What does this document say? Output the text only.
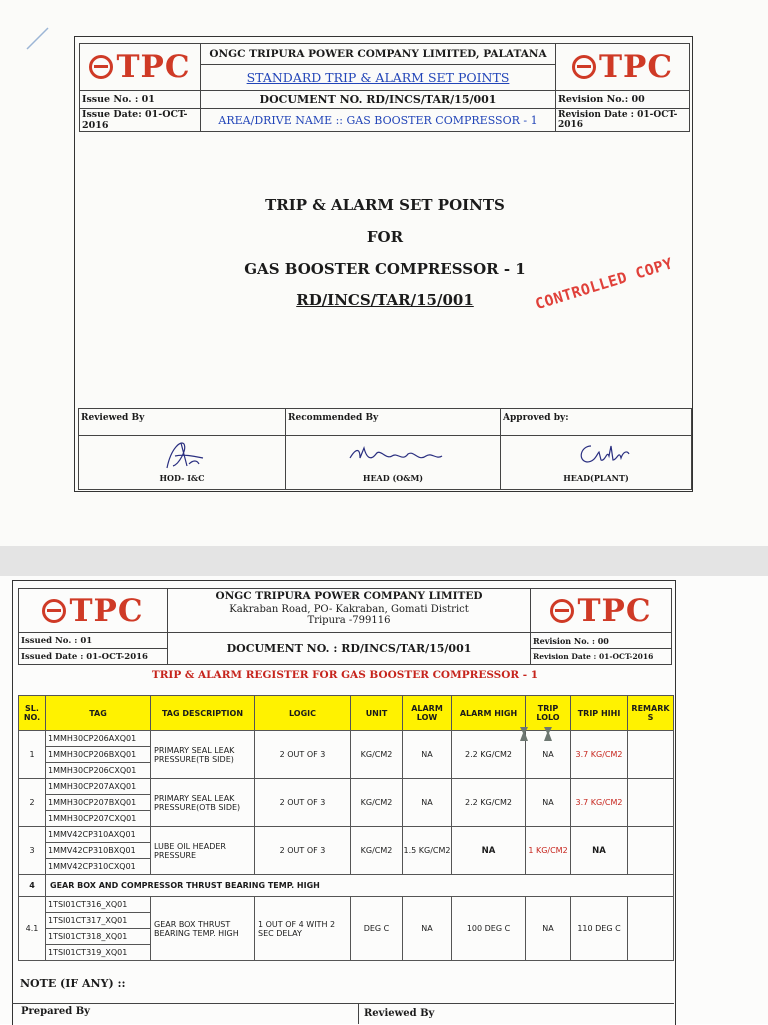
TPC	ONGC TRIPURA POWER COMPANY LIMITED, PALATANA	TPC

	STANDARD TRIP & ALARM SET POINTS	
Issue No. : 01	DOCUMENT NO. RD/INCS/TAR/15/001	Revision No.: 00
Issue Date: 01-OCT-2016	AREA/DRIVE NAME :: GAS BOOSTER COMPRESSOR - 1	Revision Date : 01-OCT-2016
TRIP & ALARM SET POINTS
FOR
GAS BOOSTER COMPRESSOR - 1
RD/INCS/TAR/15/001	CONTROLLED COPY
Reviewed By	Recommended By	Approved by:

HOD- I&C	HEAD (O&M)	HEAD(PLANT)
TPC	ONGC TRIPURA POWER COMPANY LIMITED
Kakraban Road, PO- Kakraban, Gomati District
Tripura -799116	TPC

Issued No. : 01	DOCUMENT NO. : RD/INCS/TAR/15/001	Revision No. : 00
Issued Date : 01-OCT-2016		Revision Date : 01-OCT-2016
TRIP & ALARM REGISTER FOR GAS BOOSTER COMPRESSOR - 1
SL. NO.	TAG	TAG DESCRIPTION	LOGIC	UNIT	ALARM LOW	ALARM HIGH	TRIP LOLO	TRIP HIHI	REMARK S
1	1MMH30CP206AXQ01	PRIMARY SEAL LEAK PRESSURE(TB SIDE)	2 OUT OF 3	KG/CM2	NA	2.2 KG/CM2	NA	3.7 KG/CM2	
	1MMH30CP206BXQ01								
	1MMH30CP206CXQ01								
2	1MMH30CP207AXQ01	PRIMARY SEAL LEAK PRESSURE(OTB SIDE)	2 OUT OF 3	KG/CM2	NA	2.2 KG/CM2	NA	3.7 KG/CM2	
	1MMH30CP207BXQ01								
	1MMH30CP207CXQ01								
3	1MMV42CP310AXQ01	LUBE OIL HEADER PRESSURE	2 OUT OF 3	KG/CM2	1.5 KG/CM2	NA	1 KG/CM2	NA	
	1MMV42CP310BXQ01								
	1MMV42CP310CXQ01								
4	GEAR BOX AND COMPRESSOR THRUST BEARING TEMP. HIGH								
4.1	1TSI01CT316_XQ01	GEAR BOX THRUST BEARING TEMP. HIGH	1 OUT OF 4 WITH 2 SEC DELAY	DEG C	NA	100 DEG C	NA	110 DEG C	
	1TSI01CT317_XQ01								
	1TSI01CT318_XQ01								
	1TSI01CT319_XQ01								
NOTE (IF ANY) ::
Prepared By	Reviewed By
